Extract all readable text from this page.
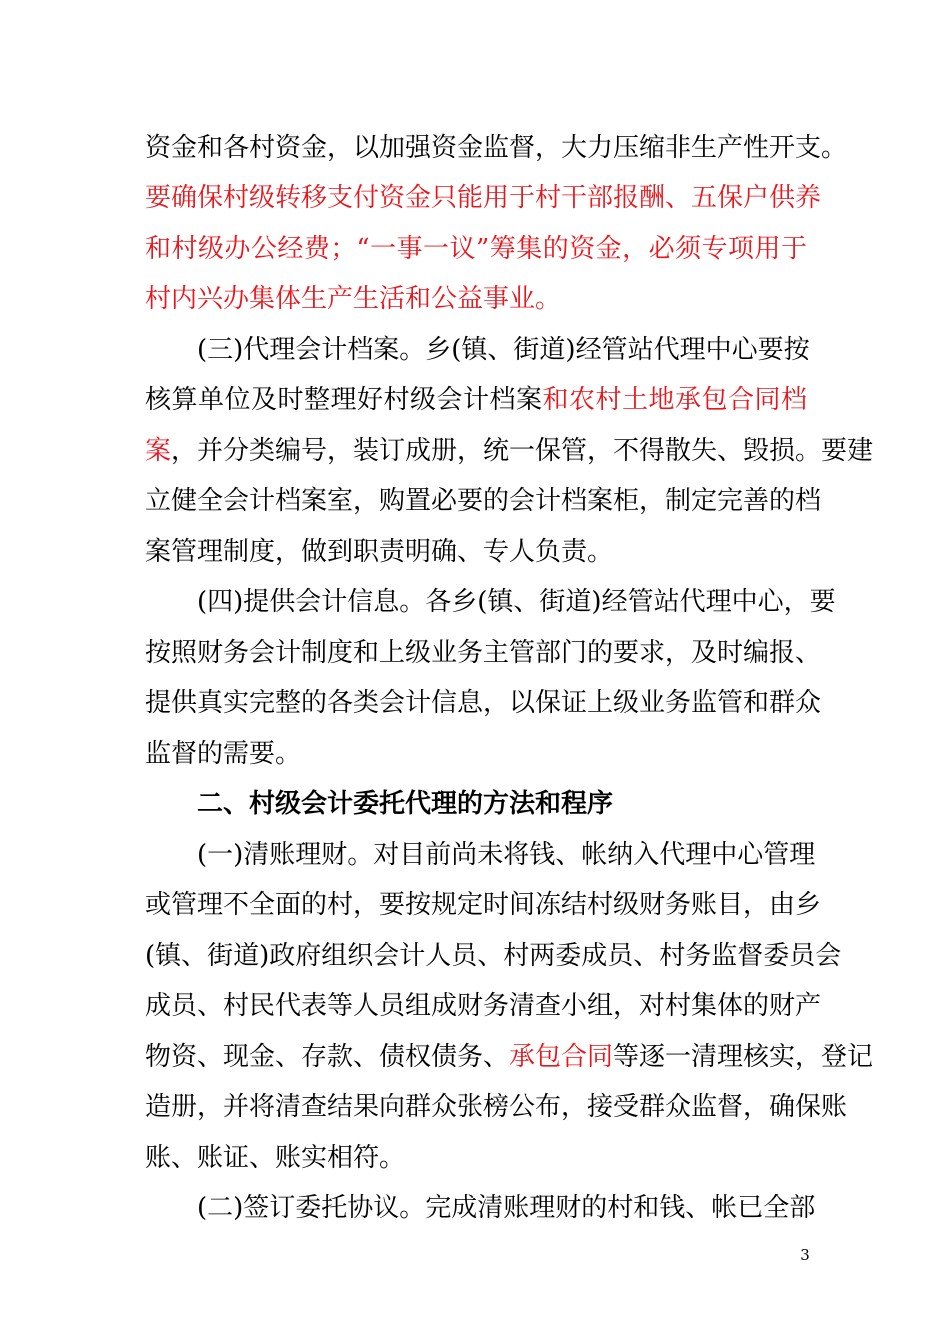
资金和各村资金，以加强资金监督，大力压缩非生产性开支。
要确保村级转移支付资金只能用于村干部报酬、五保户供养
和村级办公经费；“一事一议”筹集的资金，必须专项用于
村内兴办集体生产生活和公益事业。
(三)代理会计档案。乡(镇、街道)经管站代理中心要按
核算单位及时整理好村级会计档案和农村土地承包合同档
案，并分类编号，装订成册，统一保管，不得散失、毁损。要建
立健全会计档案室，购置必要的会计档案柜，制定完善的档
案管理制度，做到职责明确、专人负责。
(四)提供会计信息。各乡(镇、街道)经管站代理中心，要
按照财务会计制度和上级业务主管部门的要求，及时编报、
提供真实完整的各类会计信息，以保证上级业务监管和群众
监督的需要。
二、村级会计委托代理的方法和程序
(一)清账理财。对目前尚未将钱、帐纳入代理中心管理
或管理不全面的村，要按规定时间冻结村级财务账目，由乡
(镇、街道)政府组织会计人员、村两委成员、村务监督委员会
成员、村民代表等人员组成财务清查小组，对村集体的财产
物资、现金、存款、债权债务、承包合同等逐一清理核实，登记
造册，并将清查结果向群众张榜公布，接受群众监督，确保账
账、账证、账实相符。
(二)签订委托协议。完成清账理财的村和钱、帐已全部
3
